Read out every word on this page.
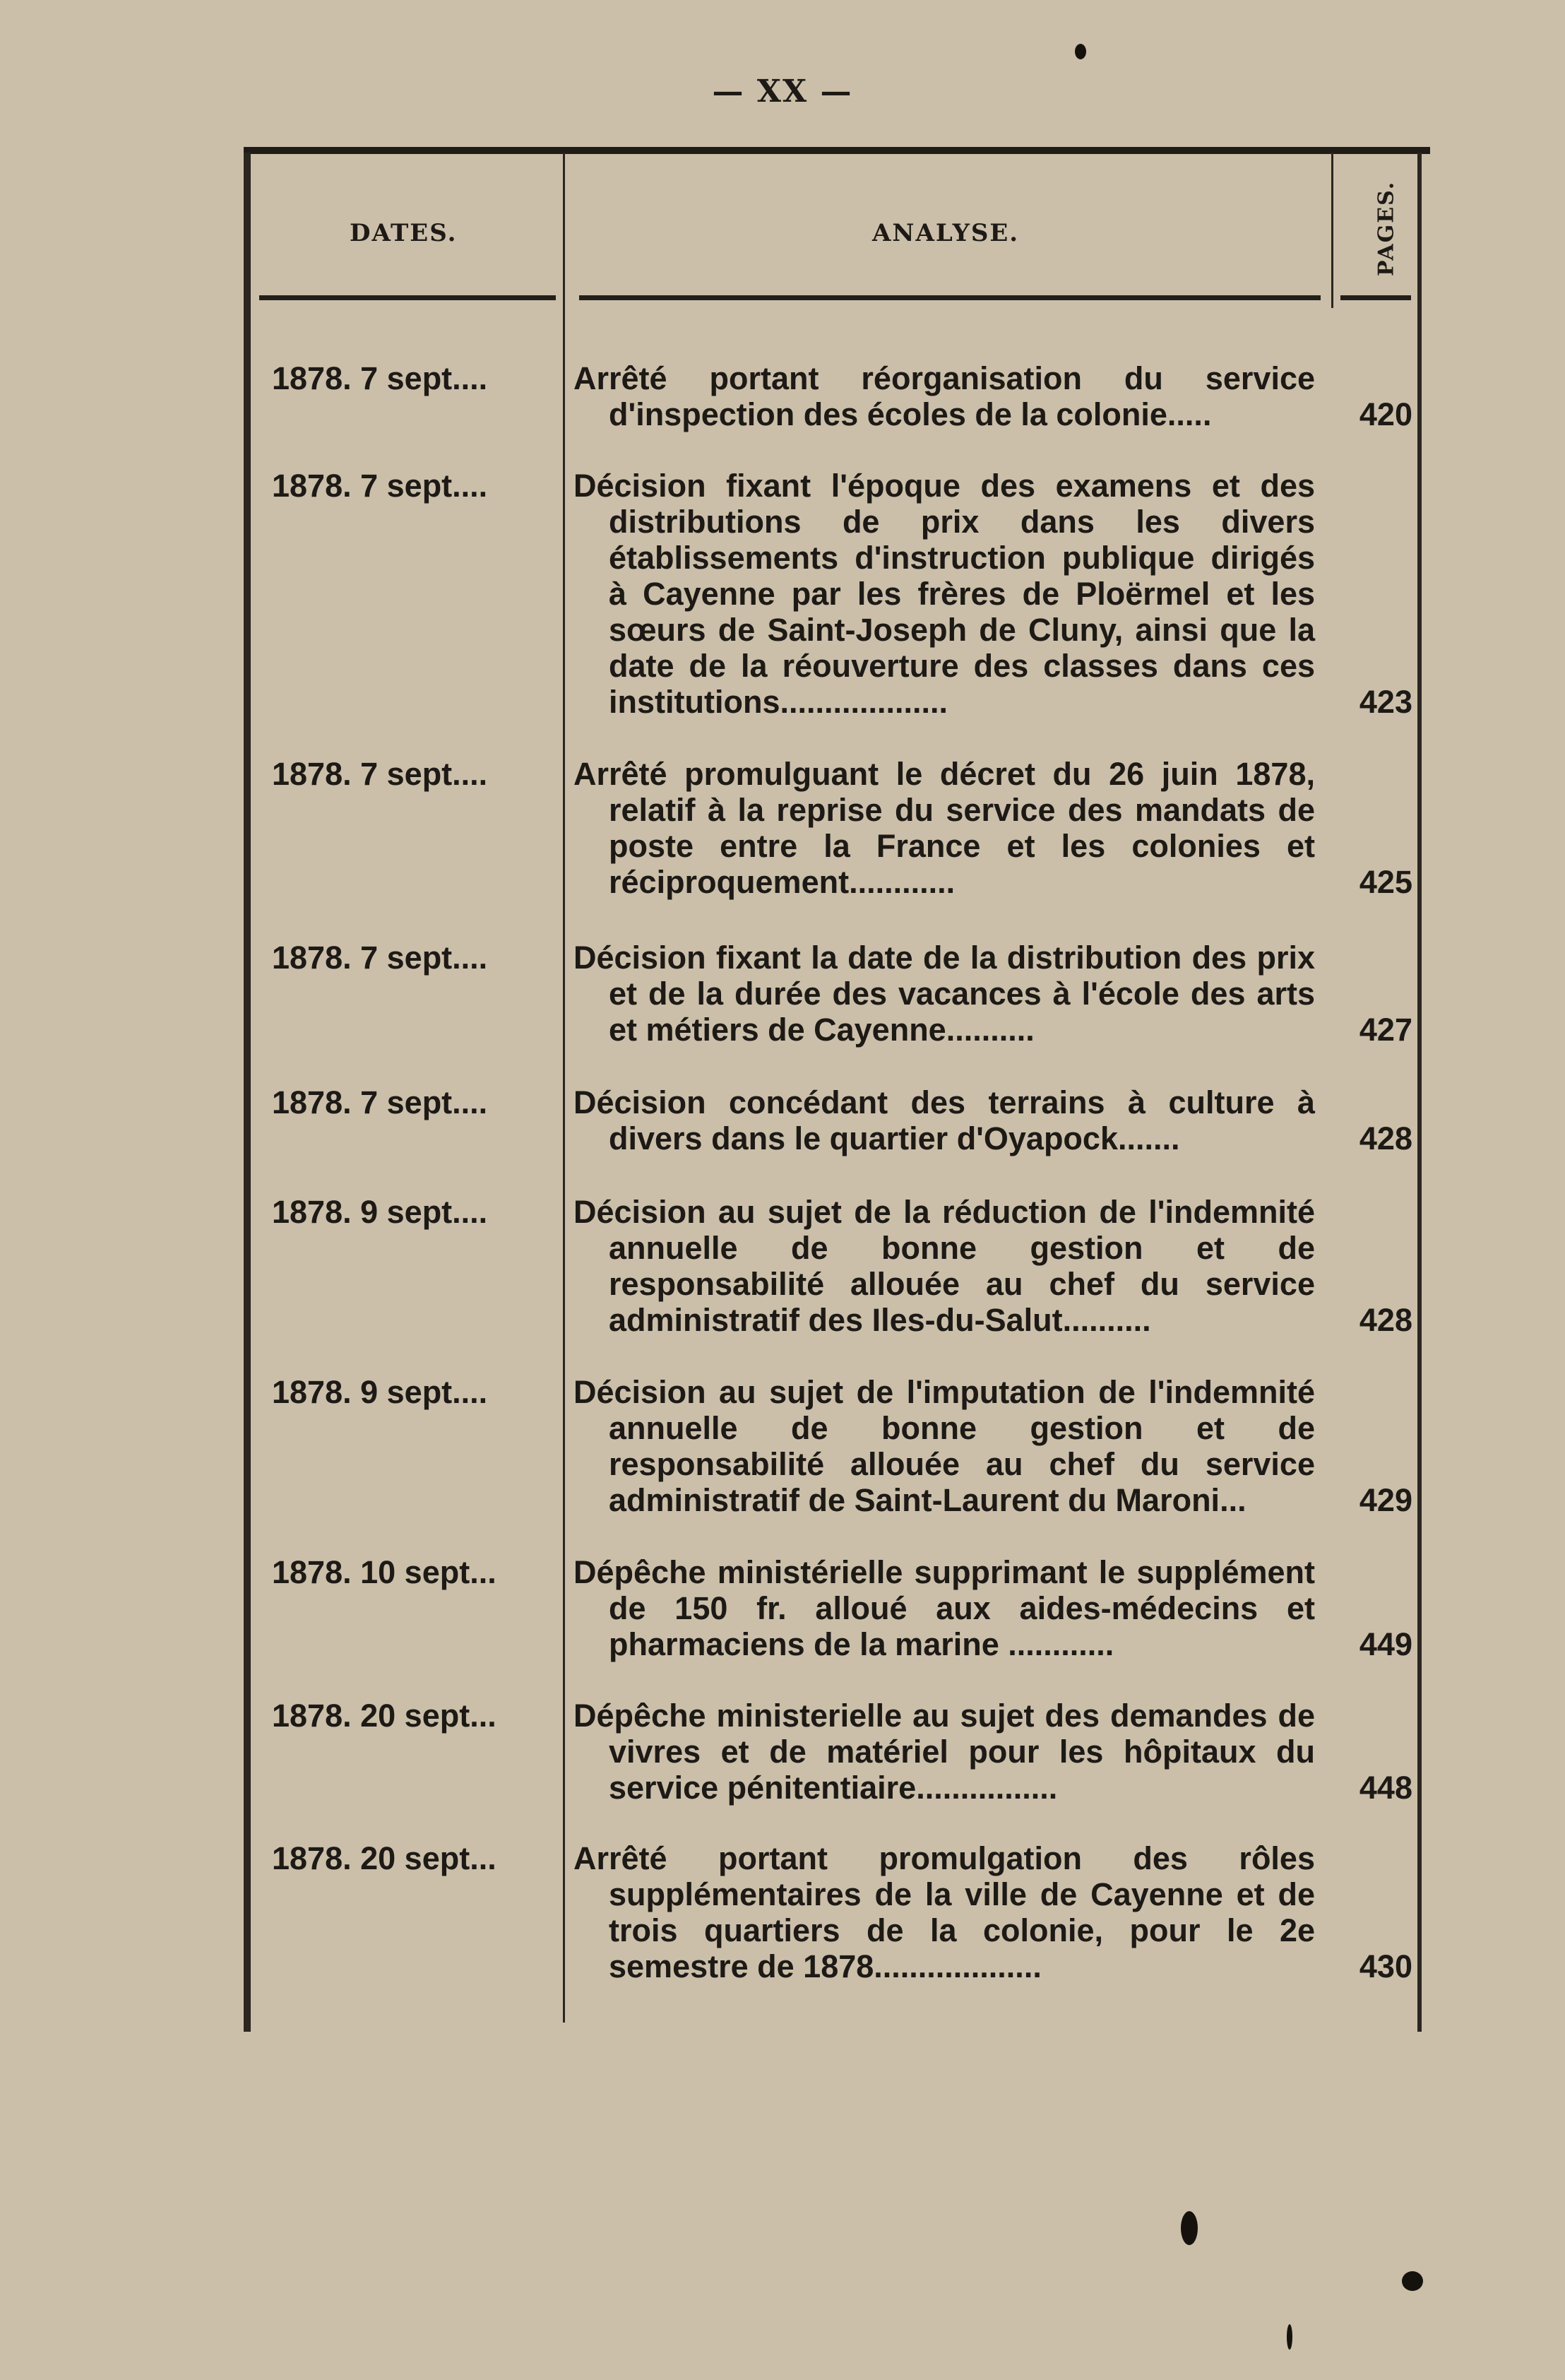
— XX —
DATES.	ANALYSE.	PAGES.
1878. 7 sept....	Arrêté portant réorganisation du service d'inspection des écoles de la colonie.....	420
1878. 7 sept....	Décision fixant l'époque des examens et des distributions de prix dans les divers établissements d'instruction publique dirigés à Cayenne par les frères de Ploërmel et les sœurs de Saint-Joseph de Cluny, ainsi que la date de la réouverture des classes dans ces institutions...................	423
1878. 7 sept....	Arrêté promulguant le décret du 26 juin 1878, relatif à la reprise du service des mandats de poste entre la France et les colonies et réciproquement............	425
1878. 7 sept....	Décision fixant la date de la distribution des prix et de la durée des vacances à l'école des arts et métiers de Cayenne..........	427
1878. 7 sept....	Décision concédant des terrains à culture à divers dans le quartier d'Oyapock.......	428
1878. 9 sept....	Décision au sujet de la réduction de l'indemnité annuelle de bonne gestion et de responsabilité allouée au chef du service administratif des Iles-du-Salut..........	428
1878. 9 sept....	Décision au sujet de l'imputation de l'indemnité annuelle de bonne gestion et de responsabilité allouée au chef du service administratif de Saint-Laurent du Maroni...	429
1878. 10 sept...	Dépêche ministérielle supprimant le supplément de 150 fr. alloué aux aides-médecins et pharmaciens de la marine ............	449
1878. 20 sept...	Dépêche ministerielle au sujet des demandes de vivres et de matériel pour les hôpitaux du service pénitentiaire................	448
1878. 20 sept...	Arrêté portant promulgation des rôles supplémentaires de la ville de Cayenne et de trois quartiers de la colonie, pour le 2e semestre de 1878...................	430
